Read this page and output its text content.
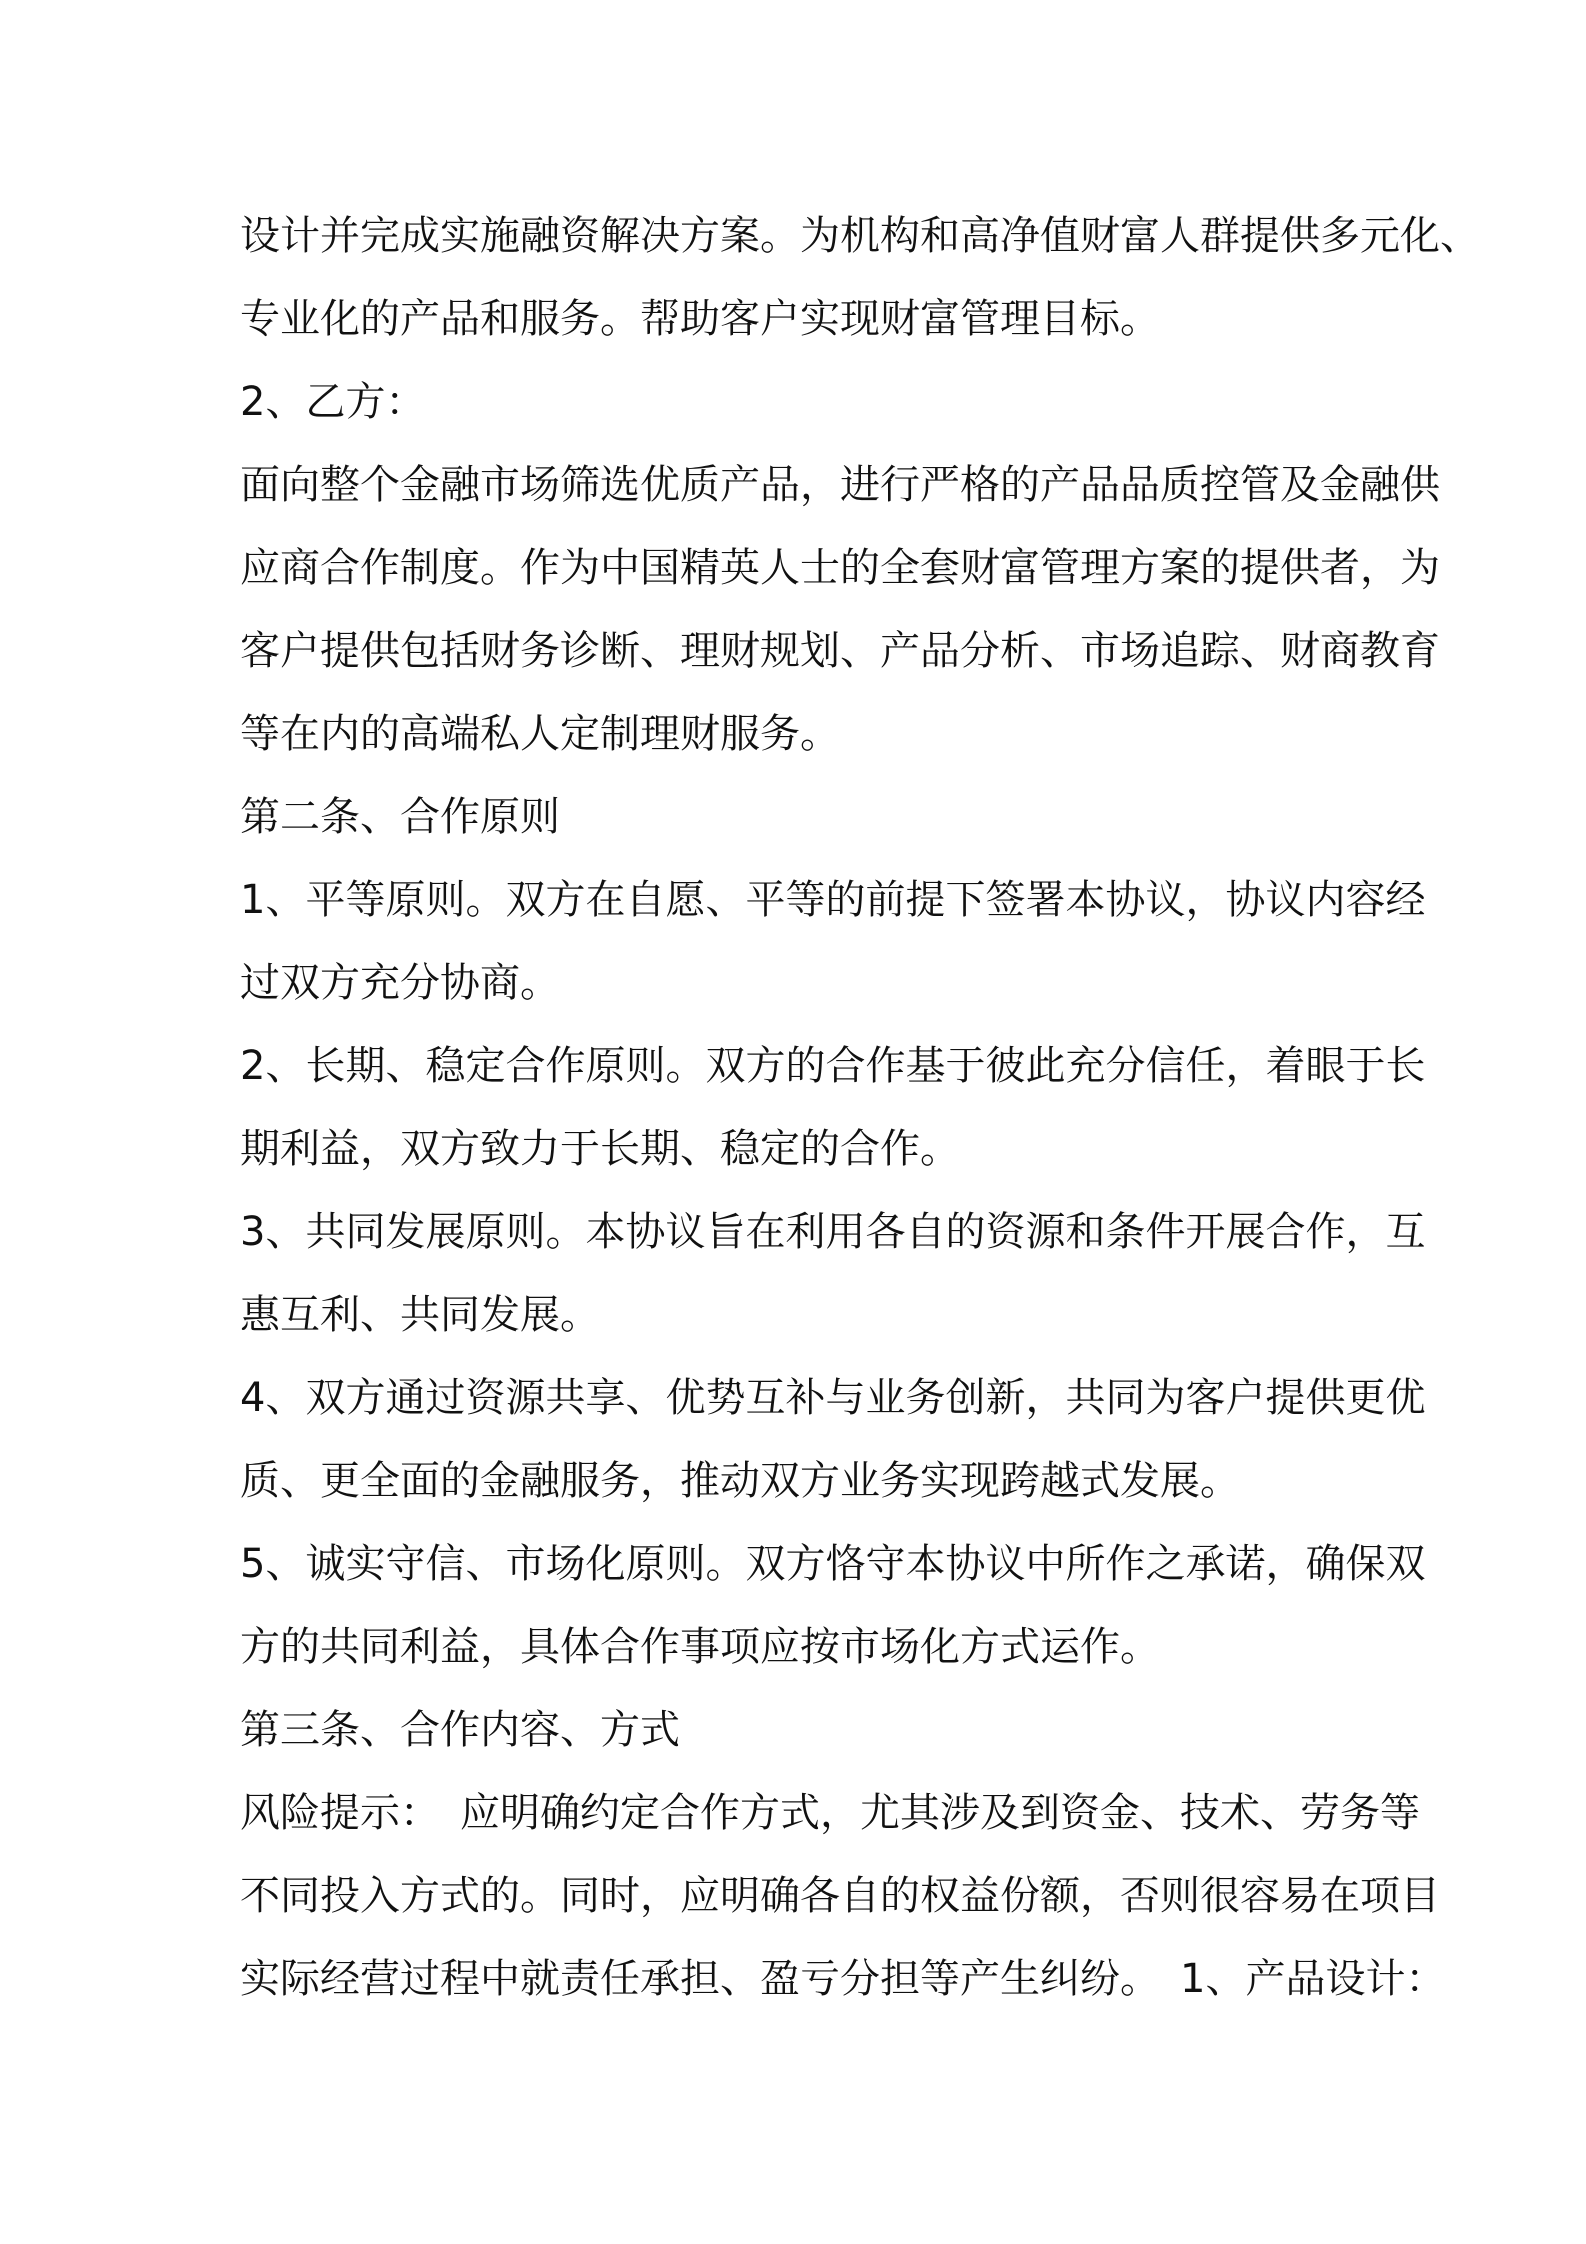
设计并完成实施融资解决方案。为机构和高净值财富人群提供多元化、
专业化的产品和服务。帮助客户实现财富管理目标。
2、乙方：
面向整个金融市场筛选优质产品，进行严格的产品品质控管及金融供
应商合作制度。作为中国精英人士的全套财富管理方案的提供者，为
客户提供包括财务诊断、理财规划、产品分析、市场追踪、财商教育
等在内的高端私人定制理财服务。
第二条、合作原则
1、平等原则。双方在自愿、平等的前提下签署本协议，协议内容经
过双方充分协商。
2、长期、稳定合作原则。双方的合作基于彼此充分信任，着眼于长
期利益，双方致力于长期、稳定的合作。
3、共同发展原则。本协议旨在利用各自的资源和条件开展合作，互
惠互利、共同发展。
4、双方通过资源共享、优势互补与业务创新，共同为客户提供更优
质、更全面的金融服务，推动双方业务实现跨越式发展。
5、诚实守信、市场化原则。双方恪守本协议中所作之承诺，确保双
方的共同利益，具体合作事项应按市场化方式运作。
第三条、合作内容、方式
风险提示：　应明确约定合作方式，尤其涉及到资金、技术、劳务等
不同投入方式的。同时，应明确各自的权益份额，否则很容易在项目
实际经营过程中就责任承担、盈亏分担等产生纠纷。　1、产品设计：
